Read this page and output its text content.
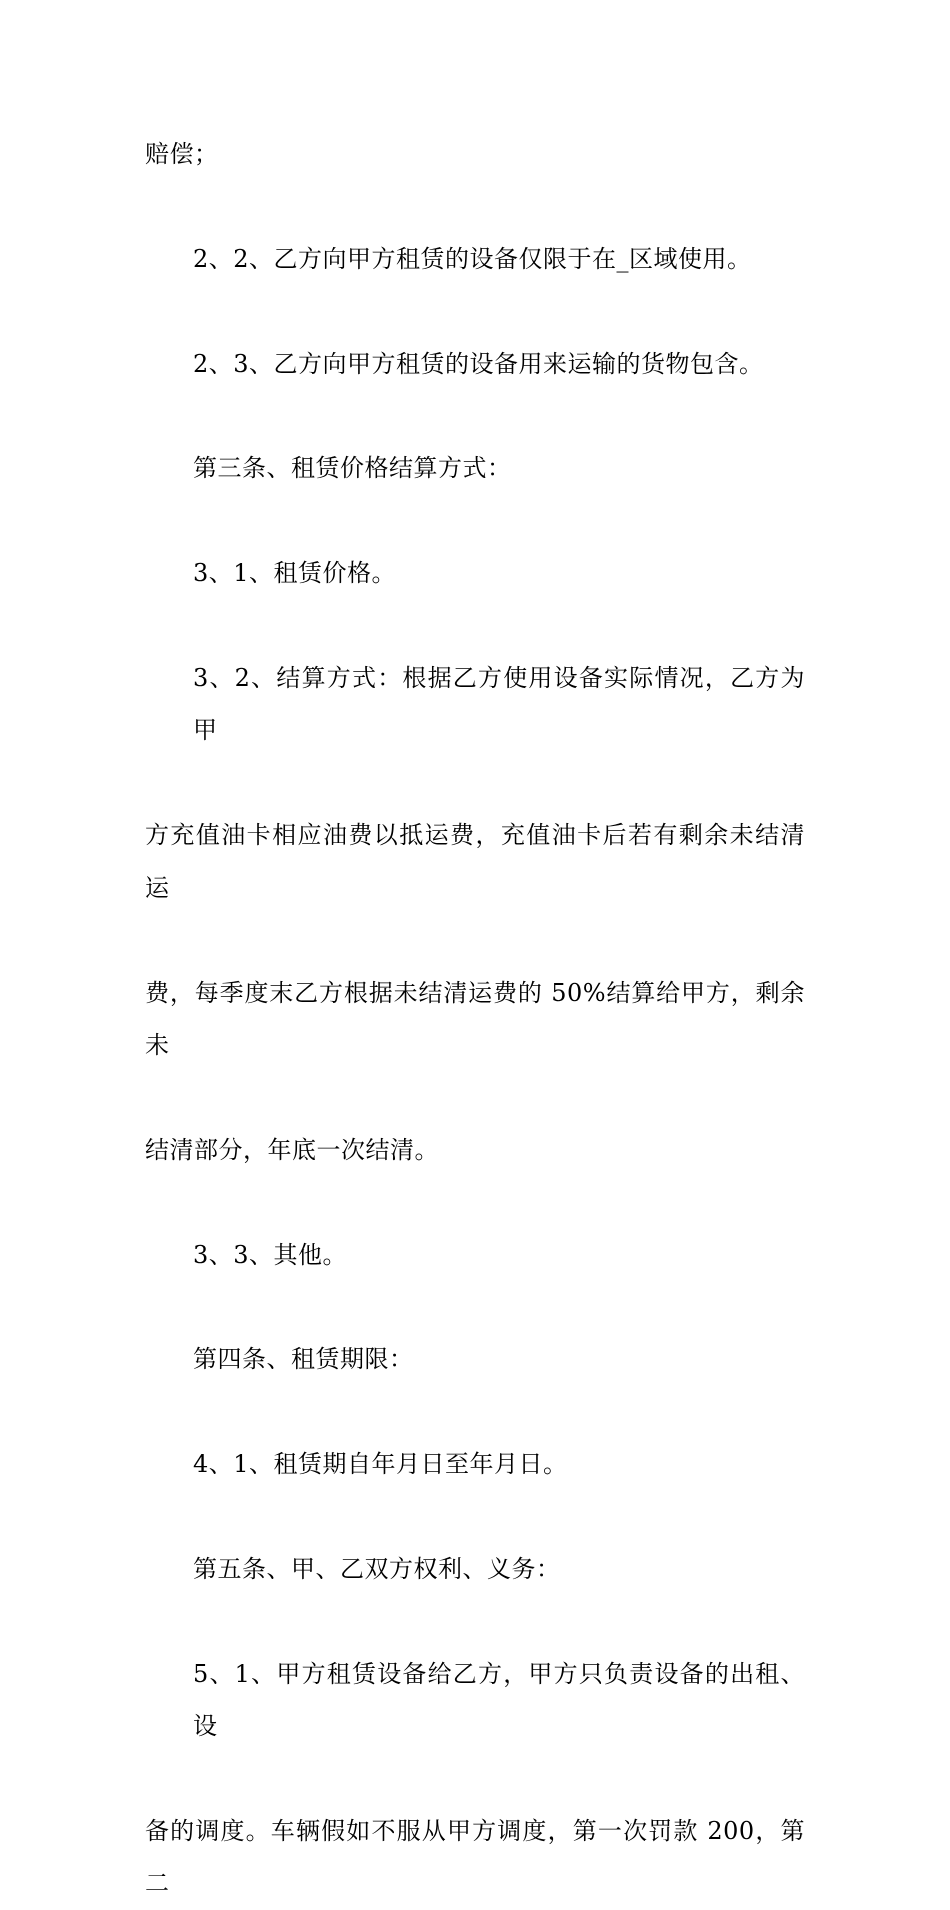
赔偿；

2、2、乙方向甲方租赁的设备仅限于在_区域使用。

2、3、乙方向甲方租赁的设备用来运输的货物包含。

第三条、租赁价格结算方式：

3、1、租赁价格。

3、2、结算方式：根据乙方使用设备实际情况，乙方为甲

方充值油卡相应油费以抵运费，充值油卡后若有剩余未结清运

费，每季度末乙方根据未结清运费的 50%结算给甲方，剩余未

结清部分，年底一次结清。

3、3、其他。

第四条、租赁期限：

4、1、租赁期自年月日至年月日。

第五条、甲、乙双方权利、义务：

5、1、甲方租赁设备给乙方，甲方只负责设备的出租、设

备的调度。车辆假如不服从甲方调度，第一次罚款 200，第二
